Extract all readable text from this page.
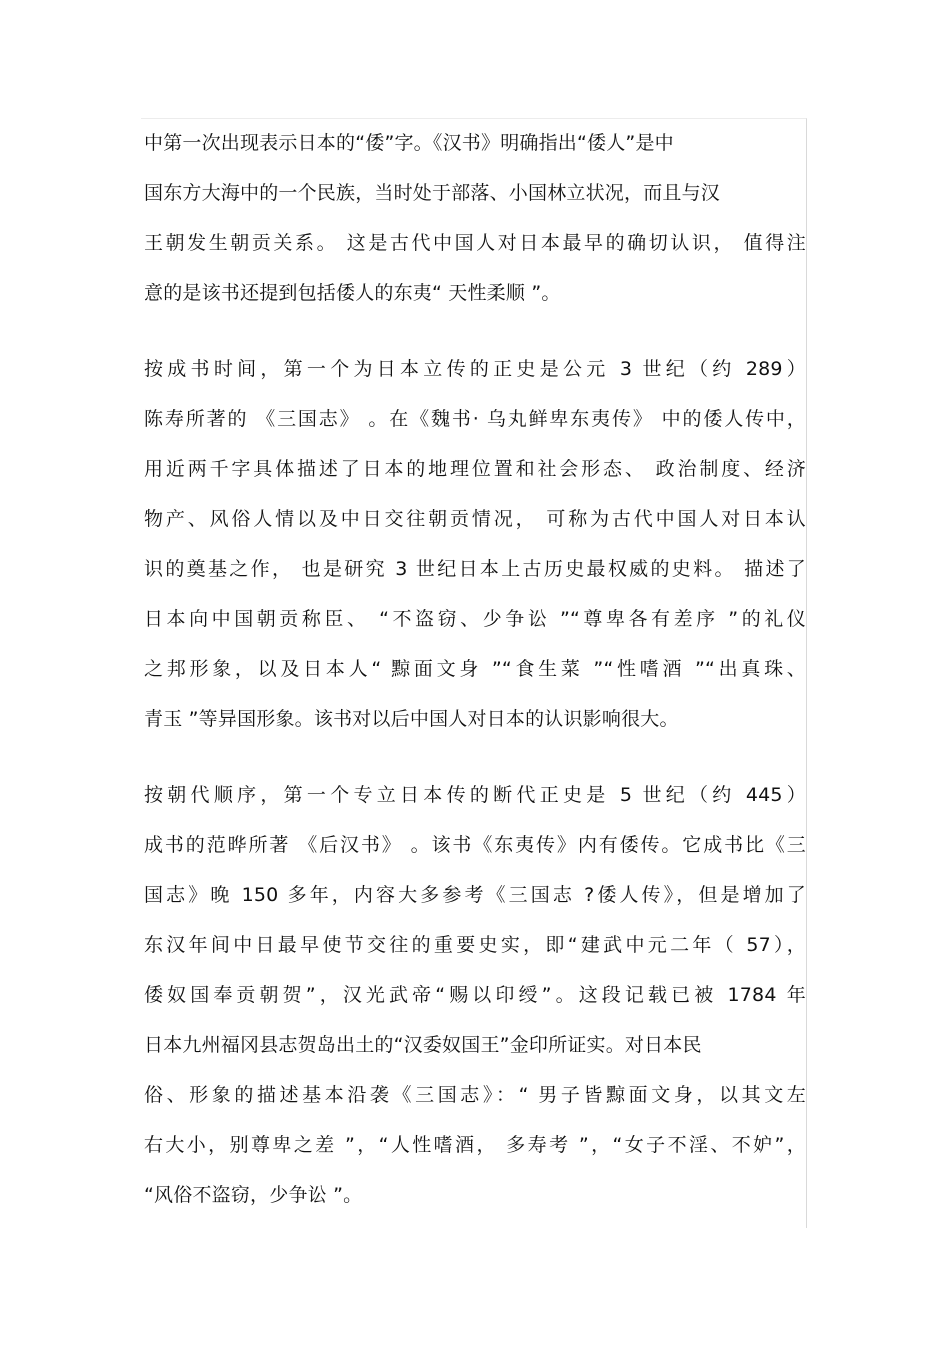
中第一次出现表示日本的“倭”字。《汉书》明确指出“倭人”是中
国东方大海中的一个民族，当时处于部落、小国林立状况，而且与汉
王朝发生朝贡关系。 这是古代中国人对日本最早的确切认识， 值得注
意的是该书还提到包括倭人的东夷“ 天性柔顺 ”。
按成书时间，第一个为日本立传的正史是公元 3 世纪（约 289）
陈寿所著的 《三国志》 。在《魏书· 乌丸鲜卑东夷传》 中的倭人传中，
用近两千字具体描述了日本的地理位置和社会形态、 政治制度、经济
物产、风俗人情以及中日交往朝贡情况， 可称为古代中国人对日本认
识的奠基之作， 也是研究 3 世纪日本上古历史最权威的史料。 描述了
日本向中国朝贡称臣、 “不盗窃、少争讼 ”“尊卑各有差序 ”的礼仪
之邦形象，以及日本人“ 黥面文身 ”“食生菜 ”“性嗜酒 ”“出真珠、
青玉 ”等异国形象。该书对以后中国人对日本的认识影响很大。
按朝代顺序，第一个专立日本传的断代正史是 5 世纪（约 445）
成书的范晔所著 《后汉书》 。该书《东夷传》内有倭传。它成书比《三
国志》晚 150 多年，内容大多参考《三国志 ?倭人传》，但是增加了
东汉年间中日最早使节交往的重要史实，即“建武中元二年（ 57），
倭奴国奉贡朝贺”，汉光武帝“赐以印绶”。这段记载已被 1784 年
日本九州福冈县志贺岛出土的“汉委奴国王”金印所证实。对日本民
俗、形象的描述基本沿袭《三国志》：“ 男子皆黥面文身，以其文左
右大小，别尊卑之差 ”，“人性嗜酒， 多寿考 ”，“女子不淫、不妒”，
“风俗不盗窃，少争讼 ”。
